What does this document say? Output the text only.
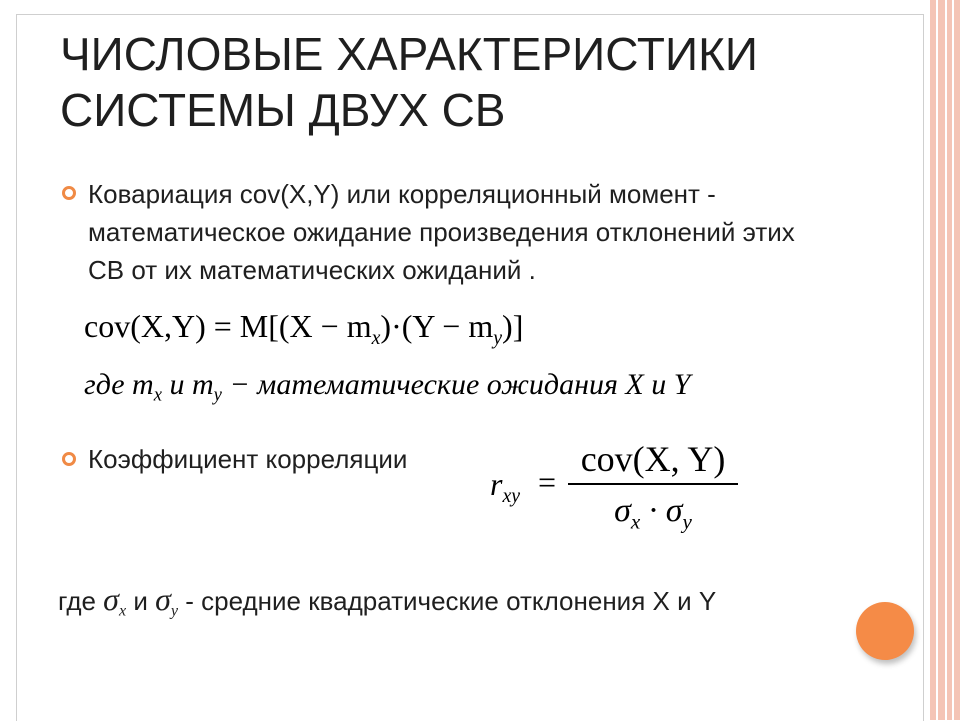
ЧИСЛОВЫЕ ХАРАКТЕРИСТИКИ
СИСТЕМЫ ДВУХ СВ
Ковариация cov(X,Y) или корреляционный момент -
математическое ожидание произведения отклонений этих
СВ от их математических ожиданий .
$cov(X,Y) = M[(X - m_x)\cdot(Y - m_y)]$
где $m_x$ и $m_y$ − математические ожидания X и Y
Коэффициент корреляции
$r_{xy}$ =
cov(X, Y)
$\sigma_x \cdot \sigma_y$
где $\sigma_x$ и $\sigma_y$ - средние квадратические отклонения X и Y
